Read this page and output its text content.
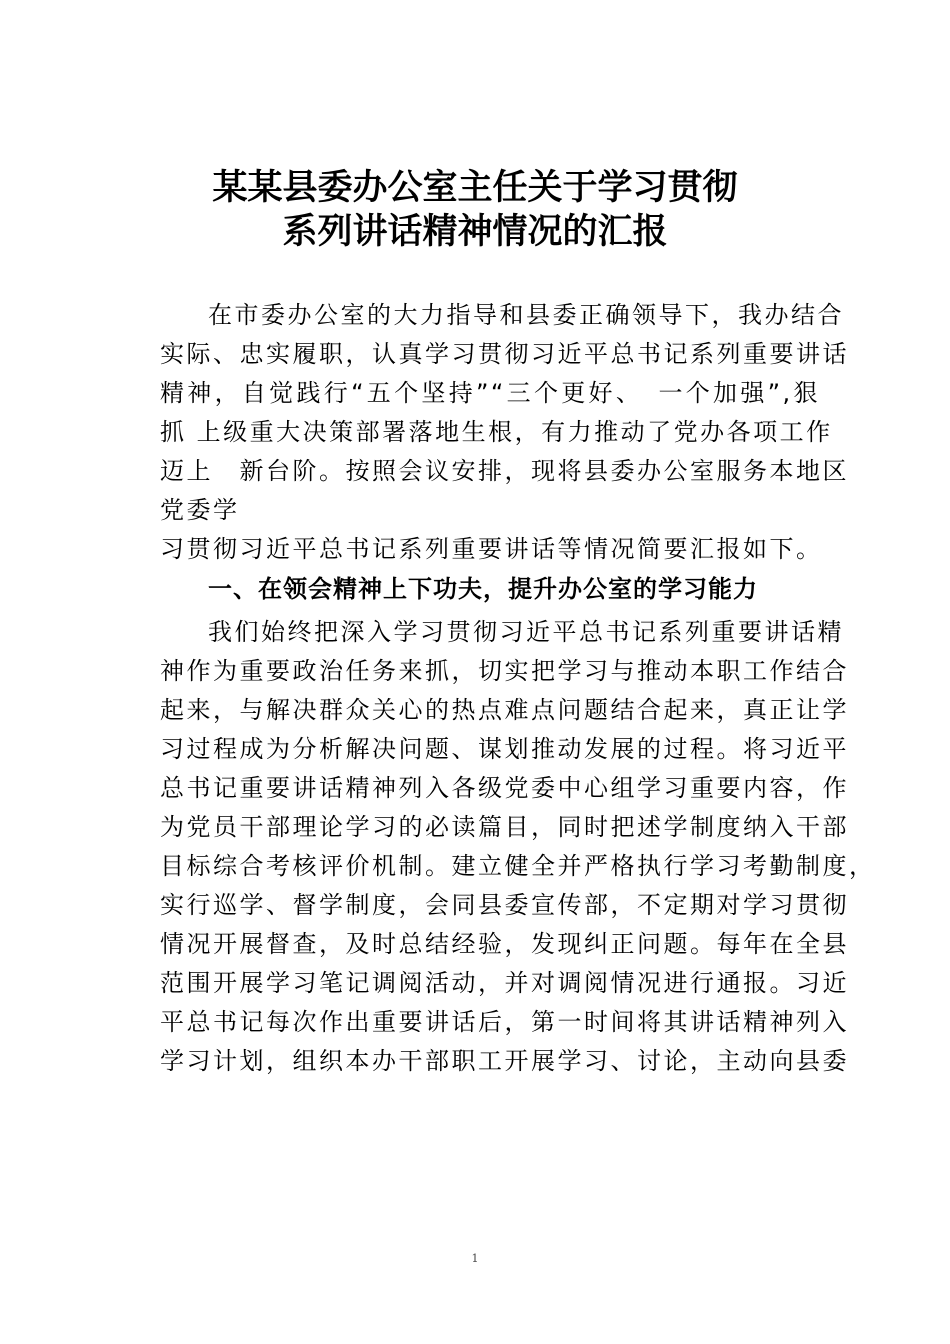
某某县委办公室主任关于学习贯彻
系列讲话精神情况的汇报
在市委办公室的大力指导和县委正确领导下，我办结合
实际、忠实履职，认真学习贯彻习近平总书记系列重要讲话
精神，自觉践行“五个坚持”“三个更好、　一个加强”,狠
抓 上级重大决策部署落地生根，有力推动了党办各项工作
迈上　新台阶。按照会议安排，现将县委办公室服务本地区
党委学
习贯彻习近平总书记系列重要讲话等情况简要汇报如下。
一、在领会精神上下功夫，提升办公室的学习能力
我们始终把深入学习贯彻习近平总书记系列重要讲话精
神作为重要政治任务来抓，切实把学习与推动本职工作结合
起来，与解决群众关心的热点难点问题结合起来，真正让学
习过程成为分析解决问题、谋划推动发展的过程。将习近平
总书记重要讲话精神列入各级党委中心组学习重要内容，作
为党员干部理论学习的必读篇目，同时把述学制度纳入干部
目标综合考核评价机制。建立健全并严格执行学习考勤制度，
实行巡学、督学制度，会同县委宣传部，不定期对学习贯彻
情况开展督查，及时总结经验，发现纠正问题。每年在全县
范围开展学习笔记调阅活动，并对调阅情况进行通报。习近
平总书记每次作出重要讲话后，第一时间将其讲话精神列入
学习计划，组织本办干部职工开展学习、讨论，主动向县委
1
